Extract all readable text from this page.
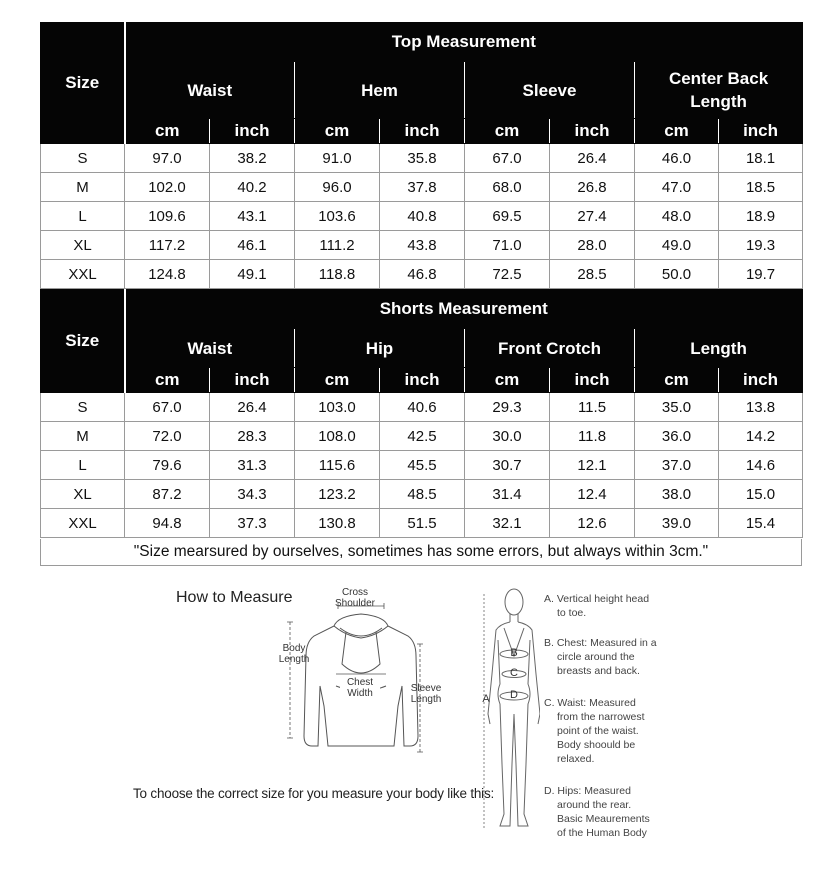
Size	Top Measurement							
	Waist		Hem		Sleeve		Center Back Length	
	cm	inch	cm	inch	cm	inch	cm	inch
S	97.0	38.2	91.0	35.8	67.0	26.4	46.0	18.1
M	102.0	40.2	96.0	37.8	68.0	26.8	47.0	18.5
L	109.6	43.1	103.6	40.8	69.5	27.4	48.0	18.9
XL	117.2	46.1	111.2	43.8	71.0	28.0	49.0	19.3
XXL	124.8	49.1	118.8	46.8	72.5	28.5	50.0	19.7
Size	Shorts Measurement							
	Waist		Hip		Front Crotch		Length	
	cm	inch	cm	inch	cm	inch	cm	inch
S	67.0	26.4	103.0	40.6	29.3	11.5	35.0	13.8
M	72.0	28.3	108.0	42.5	30.0	11.8	36.0	14.2
L	79.6	31.3	115.6	45.5	30.7	12.1	37.0	14.6
XL	87.2	34.3	123.2	48.5	31.4	12.4	38.0	15.0
XXL	94.8	37.3	130.8	51.5	32.1	12.6	39.0	15.4
"Size mearsured by ourselves, sometimes has some errors, but always within 3cm."
How to Measure	Cross
Shoulder
Body
Length
Chest
Width	Sleeve
Length
To choose the correct size for you measure your body like this:
A
B
C
D
A. Vertical height head
to toe.
B. Chest: Measured in a
circle around the
breasts and back.
C. Waist: Measured
from the narrowest
point of the waist.
Body shoould be
relaxed.
D. Hips: Measured
around the rear.
Basic Meaurements
of the Human Body
